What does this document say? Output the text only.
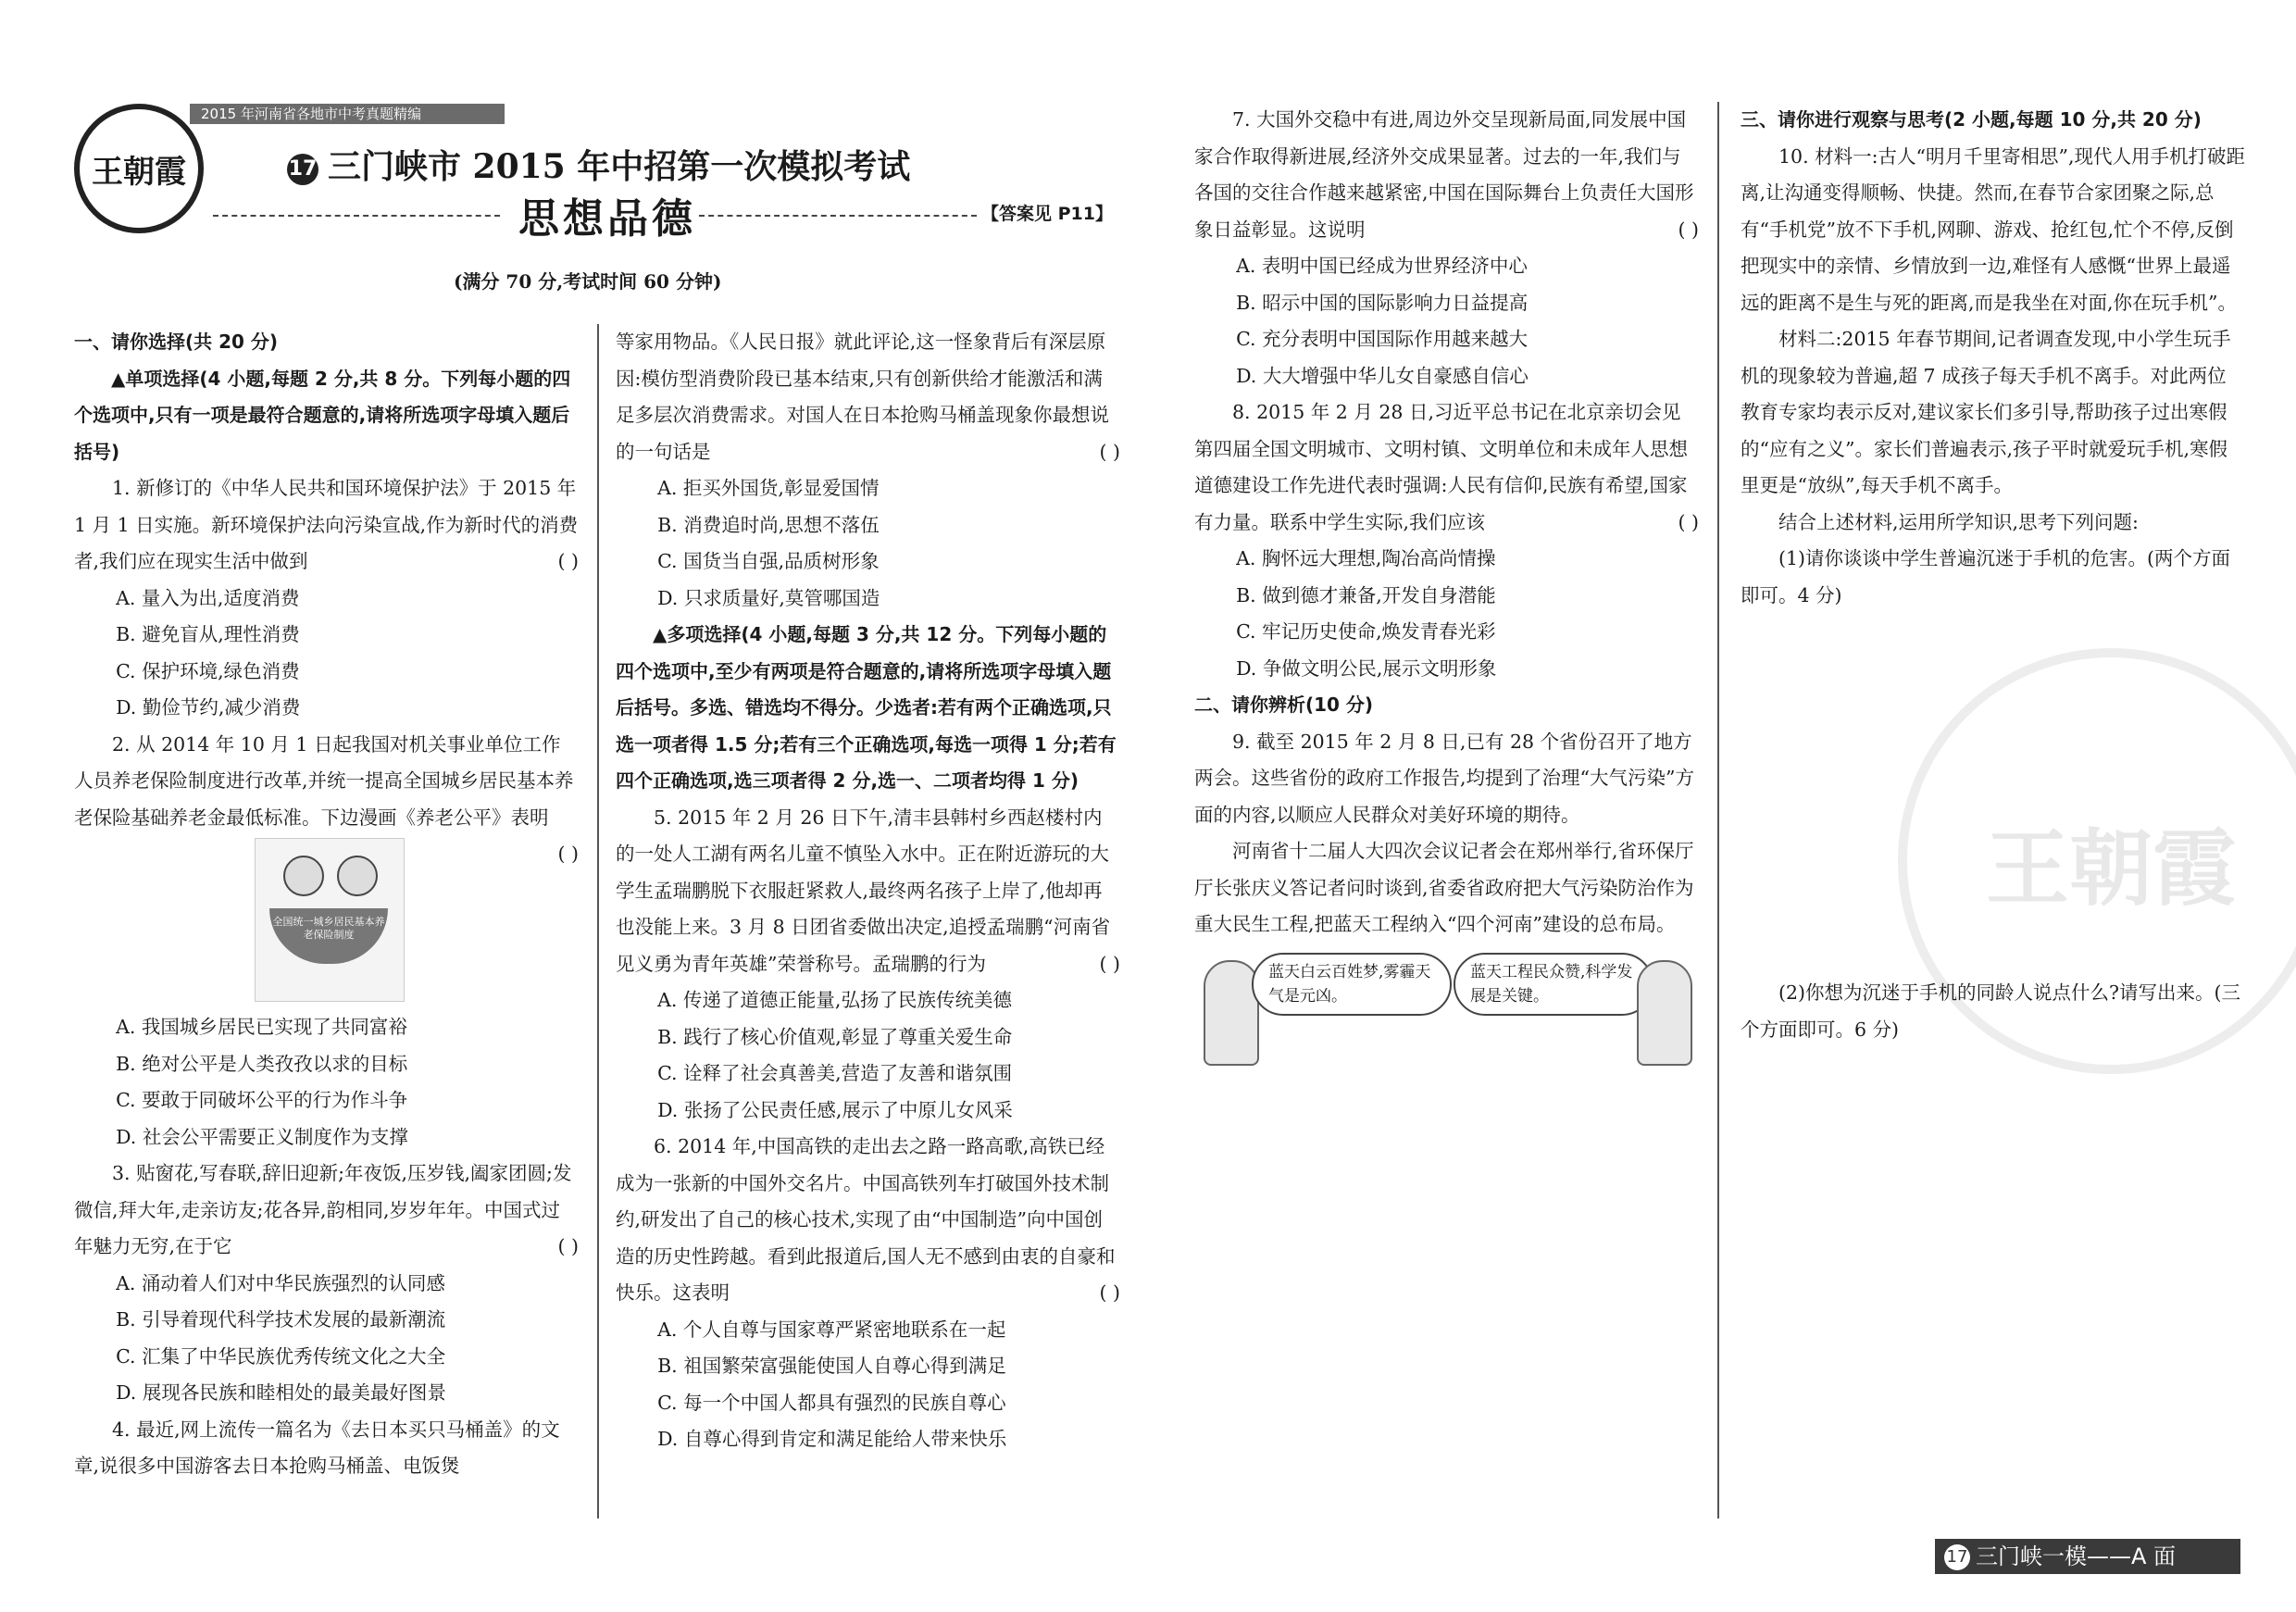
2015 年河南省各地市中考真题精编
王朝霞	17 三门峡市 2015 年中招第一次模拟考试
思想品德	【答案见 P11】
(满分 70 分,考试时间 60 分钟)

一、请你选择(共 20 分)

▲单项选择(4 小题,每题 2 分,共 8 分。下列每小题的四个选项中,只有一项是最符合题意的,请将所选项字母填入题后括号)

1. 新修订的《中华人民共和国环境保护法》于 2015 年 1 月 1 日实施。新环境保护法向污染宣战,作为新时代的消费者,我们应在现实生活中做到	( )

A. 量入为出,适度消费

B. 避免盲从,理性消费

C. 保护环境,绿色消费

D. 勤俭节约,减少消费

2. 从 2014 年 10 月 1 日起我国对机关事业单位工作人员养老保险制度进行改革,并统一提高全国城乡居民基本养老保险基础养老金最低标准。下边漫画《养老公平》表明
( )

全国统一城乡居民基本养老保险制度

A. 我国城乡居民已实现了共同富裕

B. 绝对公平是人类孜孜以求的目标

C. 要敢于同破坏公平的行为作斗争

D. 社会公平需要正义制度作为支撑

3. 贴窗花,写春联,辞旧迎新;年夜饭,压岁钱,阖家团圆;发微信,拜大年,走亲访友;花各异,韵相同,岁岁年年。中国式过年魅力无穷,在于它	( )

A. 涌动着人们对中华民族强烈的认同感

B. 引导着现代科学技术发展的最新潮流

C. 汇集了中华民族优秀传统文化之大全

D. 展现各民族和睦相处的最美最好图景

4. 最近,网上流传一篇名为《去日本买只马桶盖》的文章,说很多中国游客去日本抢购马桶盖、电饭煲

等家用物品。《人民日报》就此评论,这一怪象背后有深层原因:模仿型消费阶段已基本结束,只有创新供给才能激活和满足多层次消费需求。对国人在日本抢购马桶盖现象你最想说的一句话是	( )

A. 拒买外国货,彰显爱国情

B. 消费追时尚,思想不落伍

C. 国货当自强,品质树形象

D. 只求质量好,莫管哪国造

▲多项选择(4 小题,每题 3 分,共 12 分。下列每小题的四个选项中,至少有两项是符合题意的,请将所选项字母填入题后括号。多选、错选均不得分。少选者:若有两个正确选项,只选一项者得 1.5 分;若有三个正确选项,每选一项得 1 分;若有四个正确选项,选三项者得 2 分,选一、二项者均得 1 分)

5. 2015 年 2 月 26 日下午,清丰县韩村乡西赵楼村内的一处人工湖有两名儿童不慎坠入水中。正在附近游玩的大学生孟瑞鹏脱下衣服赶紧救人,最终两名孩子上岸了,他却再也没能上来。3 月 8 日团省委做出决定,追授孟瑞鹏“河南省见义勇为青年英雄”荣誉称号。孟瑞鹏的行为	( )

A. 传递了道德正能量,弘扬了民族传统美德

B. 践行了核心价值观,彰显了尊重关爱生命

C. 诠释了社会真善美,营造了友善和谐氛围

D. 张扬了公民责任感,展示了中原儿女风采

6. 2014 年,中国高铁的走出去之路一路高歌,高铁已经成为一张新的中国外交名片。中国高铁列车打破国外技术制约,研发出了自己的核心技术,实现了由“中国制造”向中国创造的历史性跨越。看到此报道后,国人无不感到由衷的自豪和快乐。这表明	( )

A. 个人自尊与国家尊严紧密地联系在一起

B. 祖国繁荣富强能使国人自尊心得到满足

C. 每一个中国人都具有强烈的民族自尊心

D. 自尊心得到肯定和满足能给人带来快乐

7. 大国外交稳中有进,周边外交呈现新局面,同发展中国家合作取得新进展,经济外交成果显著。过去的一年,我们与各国的交往合作越来越紧密,中国在国际舞台上负责任大国形象日益彰显。这说明	( )

A. 表明中国已经成为世界经济中心

B. 昭示中国的国际影响力日益提高

C. 充分表明中国国际作用越来越大

D. 大大增强中华儿女自豪感自信心

8. 2015 年 2 月 28 日,习近平总书记在北京亲切会见第四届全国文明城市、文明村镇、文明单位和未成年人思想道德建设工作先进代表时强调:人民有信仰,民族有希望,国家有力量。联系中学生实际,我们应该	( )

A. 胸怀远大理想,陶冶高尚情操

B. 做到德才兼备,开发自身潜能

C. 牢记历史使命,焕发青春光彩

D. 争做文明公民,展示文明形象

二、请你辨析(10 分)

9. 截至 2015 年 2 月 8 日,已有 28 个省份召开了地方两会。这些省份的政府工作报告,均提到了治理“大气污染”方面的内容,以顺应人民群众对美好环境的期待。

河南省十二届人大四次会议记者会在郑州举行,省环保厅厅长张庆义答记者问时谈到,省委省政府把大气污染防治作为重大民生工程,把蓝天工程纳入“四个河南”建设的总布局。

蓝天白云百姓梦,雾霾天气是元凶。
蓝天工程民众赞,科学发展是关键。
王朝霞

三、请你进行观察与思考(2 小题,每题 10 分,共 20 分)

10. 材料一:古人“明月千里寄相思”,现代人用手机打破距离,让沟通变得顺畅、快捷。然而,在春节合家团聚之际,总有“手机党”放不下手机,网聊、游戏、抢红包,忙个不停,反倒把现实中的亲情、乡情放到一边,难怪有人感慨“世界上最遥远的距离不是生与死的距离,而是我坐在对面,你在玩手机”。

材料二:2015 年春节期间,记者调查发现,中小学生玩手机的现象较为普遍,超 7 成孩子每天手机不离手。对此两位教育专家均表示反对,建议家长们多引导,帮助孩子过出寒假的“应有之义”。家长们普遍表示,孩子平时就爱玩手机,寒假里更是“放纵”,每天手机不离手。

结合上述材料,运用所学知识,思考下列问题:

(1)请你谈谈中学生普遍沉迷于手机的危害。(两个方面即可。4 分)

(2)你想为沉迷于手机的同龄人说点什么?请写出来。(三个方面即可。6 分)

17 三门峡一模——A 面
